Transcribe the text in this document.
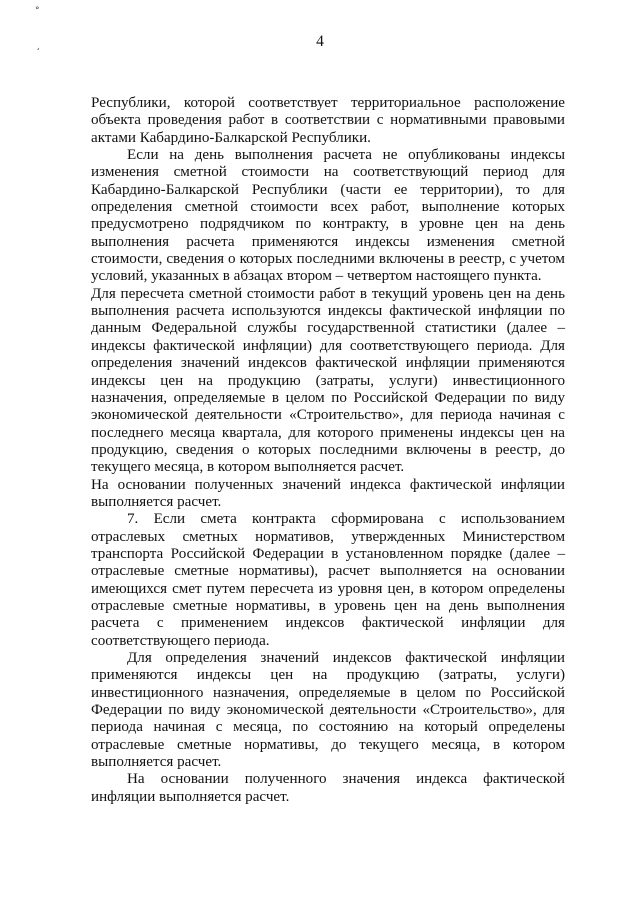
°
¸	4

Республики, которой соответствует территориальное расположение объекта проведения работ в соответствии с нормативными правовыми актами Кабардино-Балкарской Республики.

Если на день выполнения расчета не опубликованы индексы изменения сметной стоимости на соответствующий период для Кабардино-Балкарской Республики (части ее территории), то для определения сметной стоимости всех работ, выполнение которых предусмотрено подрядчиком по контракту, в уровне цен на день выполнения расчета применяются индексы изменения сметной стоимости, сведения о которых последними включены в реестр, с учетом условий, указанных в абзацах втором – четвертом настоящего пункта.

Для пересчета сметной стоимости работ в текущий уровень цен на день выполнения расчета используются индексы фактической инфляции по данным Федеральной службы государственной статистики (далее – индексы фактической инфляции) для соответствующего периода. Для определения значений индексов фактической инфляции применяются индексы цен на продукцию (затраты, услуги) инвестиционного назначения, определяемые в целом по Российской Федерации по виду экономической деятельности «Строительство», для периода начиная с последнего месяца квартала, для которого применены индексы цен на продукцию, сведения о которых последними включены в реестр, до текущего месяца, в котором выполняется расчет.

На основании полученных значений индекса фактической инфляции выполняется расчет.

7. Если смета контракта сформирована с использованием отраслевых сметных нормативов, утвержденных Министерством транспорта Российской Федерации в установленном порядке (далее – отраслевые сметные нормативы), расчет выполняется на основании имеющихся смет путем пересчета из уровня цен, в котором определены отраслевые сметные нормативы, в уровень цен на день выполнения расчета с применением индексов фактической инфляции для соответствующего периода.

Для определения значений индексов фактической инфляции применяются индексы цен на продукцию (затраты, услуги) инвестиционного назначения, определяемые в целом по Российской Федерации по виду экономической деятельности «Строительство», для периода начиная с месяца, по состоянию на который определены отраслевые сметные нормативы, до текущего месяца, в котором выполняется расчет.

На основании полученного значения индекса фактической инфляции выполняется расчет.
